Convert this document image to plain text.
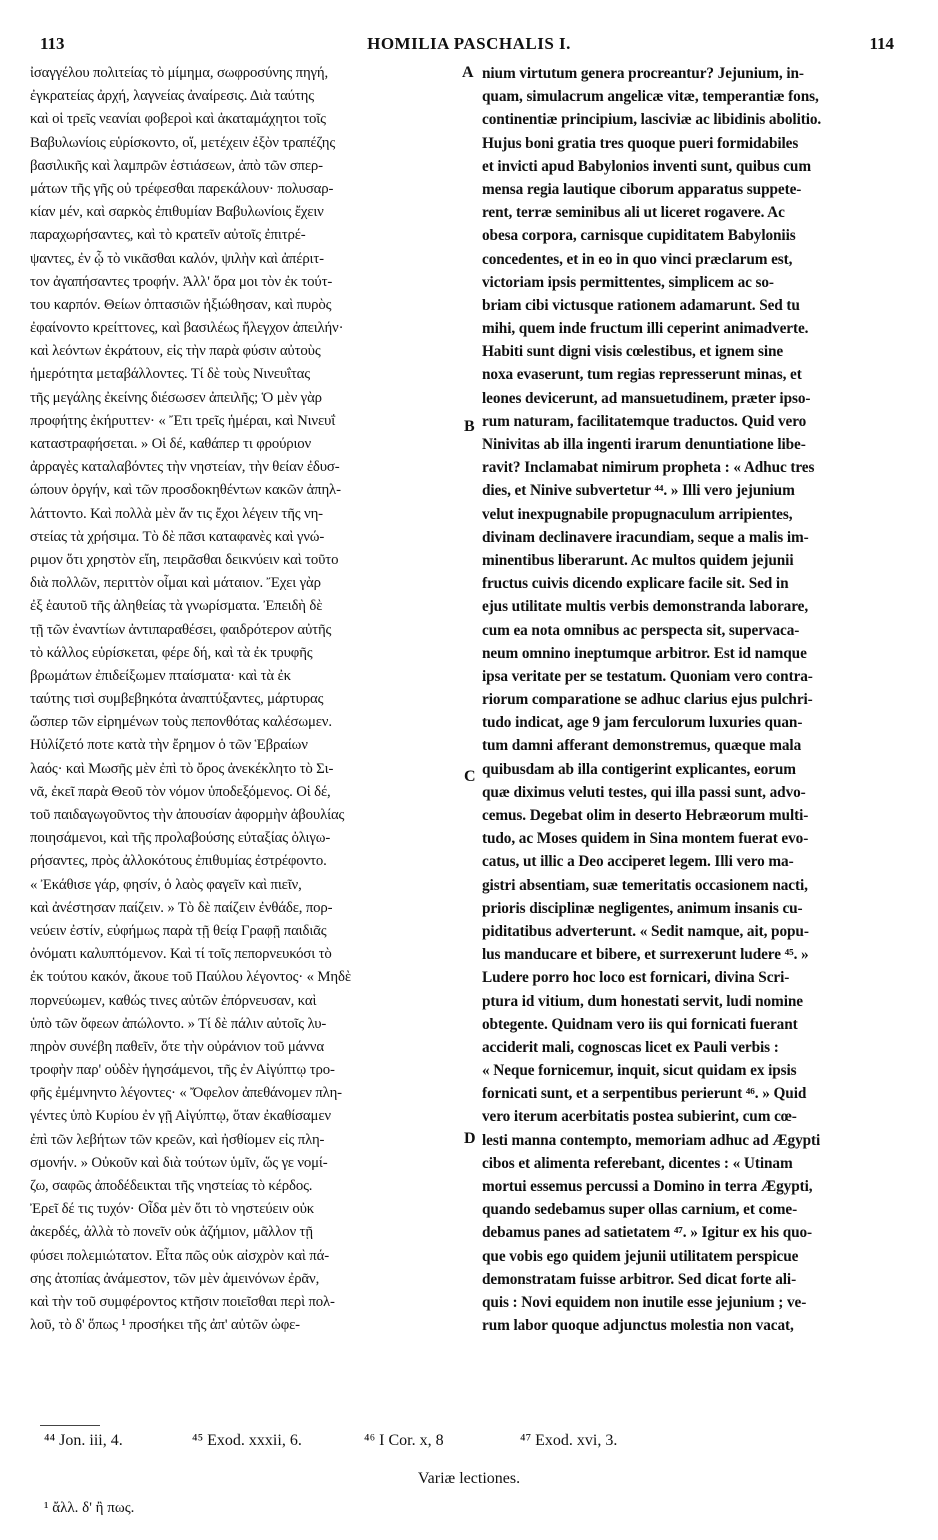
113	HOMILIA PASCHALIS I.	114
ἰσαγγέλου πολιτείας τὸ μίμημα, σωφροσύνης πηγή,
ἐγκρατείας ἀρχή, λαγνείας ἀναίρεσις. Διὰ ταύτης
καὶ οἱ τρεῖς νεανίαι φοβεροὶ καὶ ἀκαταμάχητοι τοῖς
Βαβυλωνίοις εὑρίσκοντο, οἵ, μετέχειν ἐξὸν τραπέζης
βασιλικῆς καὶ λαμπρῶν ἑστιάσεων, ἀπὸ τῶν σπερ-
μάτων τῆς γῆς οὐ τρέφεσθαι παρεκάλουν· πολυσαρ-
κίαν μέν, καὶ σαρκὸς ἐπιθυμίαν Βαβυλωνίοις ἔχειν
παραχωρήσαντες, καὶ τὸ κρατεῖν αὐτοῖς ἐπιτρέ-
ψαντες, ἐν ᾧ τὸ νικᾶσθαι καλόν, ψιλὴν καὶ ἀπέριτ-
τον ἀγαπήσαντες τροφήν. Ἀλλ' ὅρα μοι τὸν ἐκ τούτ-
του καρπόν. Θείων ὀπτασιῶν ἠξιώθησαν, καὶ πυρὸς
ἐφαίνοντο κρείττονες, καὶ βασιλέως ἤλεγχον ἀπειλήν·
καὶ λεόντων ἐκράτουν, εἰς τὴν παρὰ φύσιν αὐτοὺς
ἡμερότητα μεταβάλλοντες. Τί δὲ τοὺς Νινευΐτας
τῆς μεγάλης ἐκείνης διέσωσεν ἀπειλῆς; Ὁ μὲν γὰρ
προφήτης ἐκήρυττεν· « Ἔτι τρεῖς ἡμέραι, καὶ Νινευΐ
καταστραφήσεται. » Οἱ δέ, καθάπερ τι φρούριον
ἀρραγὲς καταλαβόντες τὴν νηστείαν, τὴν θείαν ἐδυσ-
ώπουν ὀργήν, καὶ τῶν προσδοκηθέντων κακῶν ἀπηλ-
λάττοντο. Καὶ πολλὰ μὲν ἄν τις ἔχοι λέγειν τῆς νη-
στείας τὰ χρήσιμα. Τὸ δὲ πᾶσι καταφανὲς καὶ γνώ-
ριμον ὅτι χρηστὸν εἴη, πειρᾶσθαι δεικνύειν καὶ τοῦτο
διὰ πολλῶν, περιττὸν οἶμαι καὶ μάταιον. Ἔχει γὰρ
ἐξ ἑαυτοῦ τῆς ἀληθείας τὰ γνωρίσματα. Ἐπειδὴ δὲ
τῇ τῶν ἐναντίων ἀντιπαραθέσει, φαιδρότερον αὐτῆς
τὸ κάλλος εὑρίσκεται, φέρε δή, καὶ τὰ ἐκ τρυφῆς
βρωμάτων ἐπιδείξωμεν πταίσματα· καὶ τὰ ἐκ
ταύτης τισὶ συμβεβηκότα ἀναπτύξαντες, μάρτυρας
ὥσπερ τῶν εἰρημένων τοὺς πεπονθότας καλέσωμεν.
Ηὐλίζετό ποτε κατὰ τὴν ἔρημον ὁ τῶν Ἑβραίων
λαός· καὶ Μωσῆς μὲν ἐπὶ τὸ ὄρος ἀνεκέκλητο τὸ Σι-
νᾶ, ἐκεῖ παρὰ Θεοῦ τὸν νόμον ὑποδεξόμενος. Οἱ δέ,
τοῦ παιδαγωγοῦντος τὴν ἀπουσίαν ἀφορμὴν ἀβουλίας
ποιησάμενοι, καὶ τῆς προλαβούσης εὐταξίας ὀλιγω-
ρήσαντες, πρὸς ἀλλοκότους ἐπιθυμίας ἐστρέφοντο.
« Ἐκάθισε γάρ, φησίν, ὁ λαὸς φαγεῖν καὶ πιεῖν,
καὶ ἀνέστησαν παίζειν. » Τὸ δὲ παίζειν ἐνθάδε, πορ-
νεύειν ἐστίν, εὐφήμως παρὰ τῇ θείᾳ Γραφῇ παιδιᾶς
ὀνόματι καλυπτόμενον. Καὶ τί τοῖς πεπορνευκόσι τὸ
ἐκ τούτου κακόν, ἄκουε τοῦ Παύλου λέγοντος· « Μηδὲ
πορνεύωμεν, καθώς τινες αὐτῶν ἐπόρνευσαν, καὶ
ὑπὸ τῶν ὄφεων ἀπώλοντο. » Τί δὲ πάλιν αὐτοῖς λυ-
πηρὸν συνέβη παθεῖν, ὅτε τὴν οὐράνιον τοῦ μάννα
τροφὴν παρ' οὐδὲν ἡγησάμενοι, τῆς ἐν Αἰγύπτῳ τρο-
φῆς ἐμέμνηντο λέγοντες· « Ὄφελον ἀπεθάνομεν πλη-
γέντες ὑπὸ Κυρίου ἐν γῇ Αἰγύπτῳ, ὅταν ἐκαθίσαμεν
ἐπὶ τῶν λεβήτων τῶν κρεῶν, καὶ ἠσθίομεν εἰς πλη-
σμονήν. » Οὐκοῦν καὶ διὰ τούτων ὑμῖν, ὥς γε νομί-
ζω, σαφῶς ἀποδέδεικται τῆς νηστείας τὸ κέρδος.
Ἐρεῖ δέ τις τυχόν· Οἶδα μὲν ὅτι τὸ νηστεύειν οὐκ
ἀκερδές, ἀλλὰ τὸ πονεῖν οὐκ ἀζήμιον, μᾶλλον τῇ
φύσει πολεμιώτατον. Εἶτα πῶς οὐκ αἰσχρὸν καὶ πά-
σης ἀτοπίας ἀνάμεστον, τῶν μὲν ἀμεινόνων ἐρᾶν,
καὶ τὴν τοῦ συμφέροντος κτῆσιν ποιεῖσθαι περὶ πολ-
λοῦ, τὸ δ' ὅπως ¹ προσήκει τῆς ἀπ' αὐτῶν ὠφε-
nium virtutum genera procreantur? Jejunium, in-
quam, simulacrum angelicæ vitæ, temperantiæ fons,
continentiæ principium, lasciviæ ac libidinis abolitio.
Hujus boni gratia tres quoque pueri formidabiles
et invicti apud Babylonios inventi sunt, quibus cum
mensa regia lautique ciborum apparatus suppete-
rent, terræ seminibus ali ut liceret rogavere. Ac
obesa corpora, carnisque cupiditatem Babyloniis
concedentes, et in eo in quo vinci præclarum est,
victoriam ipsis permittentes, simplicem ac so-
briam cibi victusque rationem adamarunt. Sed tu
mihi, quem inde fructum illi ceperint animadverte.
Habiti sunt digni visis cœlestibus, et ignem sine
noxa evaserunt, tum regias represserunt minas, et
leones devicerunt, ad mansuetudinem, præter ipso-
rum naturam, facilitatemque traductos. Quid vero
Ninivitas ab illa ingenti irarum denuntiatione libe-
ravit? Inclamabat nimirum propheta : « Adhuc tres
dies, et Ninive subvertetur ⁴⁴. » Illi vero jejunium
velut inexpugnabile propugnaculum arripientes,
divinam declinavere iracundiam, seque a malis im-
minentibus liberarunt. Ac multos quidem jejunii
fructus cuivis dicendo explicare facile sit. Sed in
ejus utilitate multis verbis demonstranda laborare,
cum ea nota omnibus ac perspecta sit, supervaca-
neum omnino ineptumque arbitror. Est id namque
ipsa veritate per se testatum. Quoniam vero contra-
riorum comparatione se adhuc clarius ejus pulchri-
tudo indicat, age 9 jam ferculorum luxuries quan-
tum damni afferant demonstremus, quæque mala
quibusdam ab illa contigerint explicantes, eorum
quæ diximus veluti testes, qui illa passi sunt, advo-
cemus. Degebat olim in deserto Hebræorum multi-
tudo, ac Moses quidem in Sina montem fuerat evo-
catus, ut illic a Deo acciperet legem. Illi vero ma-
gistri absentiam, suæ temeritatis occasionem nacti,
prioris disciplinæ negligentes, animum insanis cu-
piditatibus adverterunt. « Sedit namque, ait, popu-
lus manducare et bibere, et surrexerunt ludere ⁴⁵. »
Ludere porro hoc loco est fornicari, divina Scri-
ptura id vitium, dum honestati servit, ludi nomine
obtegente. Quidnam vero iis qui fornicati fuerant
acciderit mali, cognoscas licet ex Pauli verbis :
« Neque fornicemur, inquit, sicut quidam ex ipsis
fornicati sunt, et a serpentibus perierunt ⁴⁶. » Quid
vero iterum acerbitatis postea subierint, cum cœ-
lesti manna contempto, memoriam adhuc ad Ægypti
cibos et alimenta referebant, dicentes : « Utinam
mortui essemus percussi a Domino in terra Ægypti,
quando sedebamus super ollas carnium, et come-
debamus panes ad satietatem ⁴⁷. » Igitur ex his quo-
que vobis ego quidem jejunii utilitatem perspicue
demonstratam fuisse arbitror. Sed dicat forte ali-
quis : Novi equidem non inutile esse jejunium ; ve-
rum labor quoque adjunctus molestia non vacat,
A
B
C
D
⁴⁴ Jon. iii, 4.	⁴⁵ Exod. xxxii, 6.	⁴⁶ I Cor. x, 8	⁴⁷ Exod. xvi, 3.
Variæ lectiones.
¹ ἄλλ. δ' ἢ πως.
